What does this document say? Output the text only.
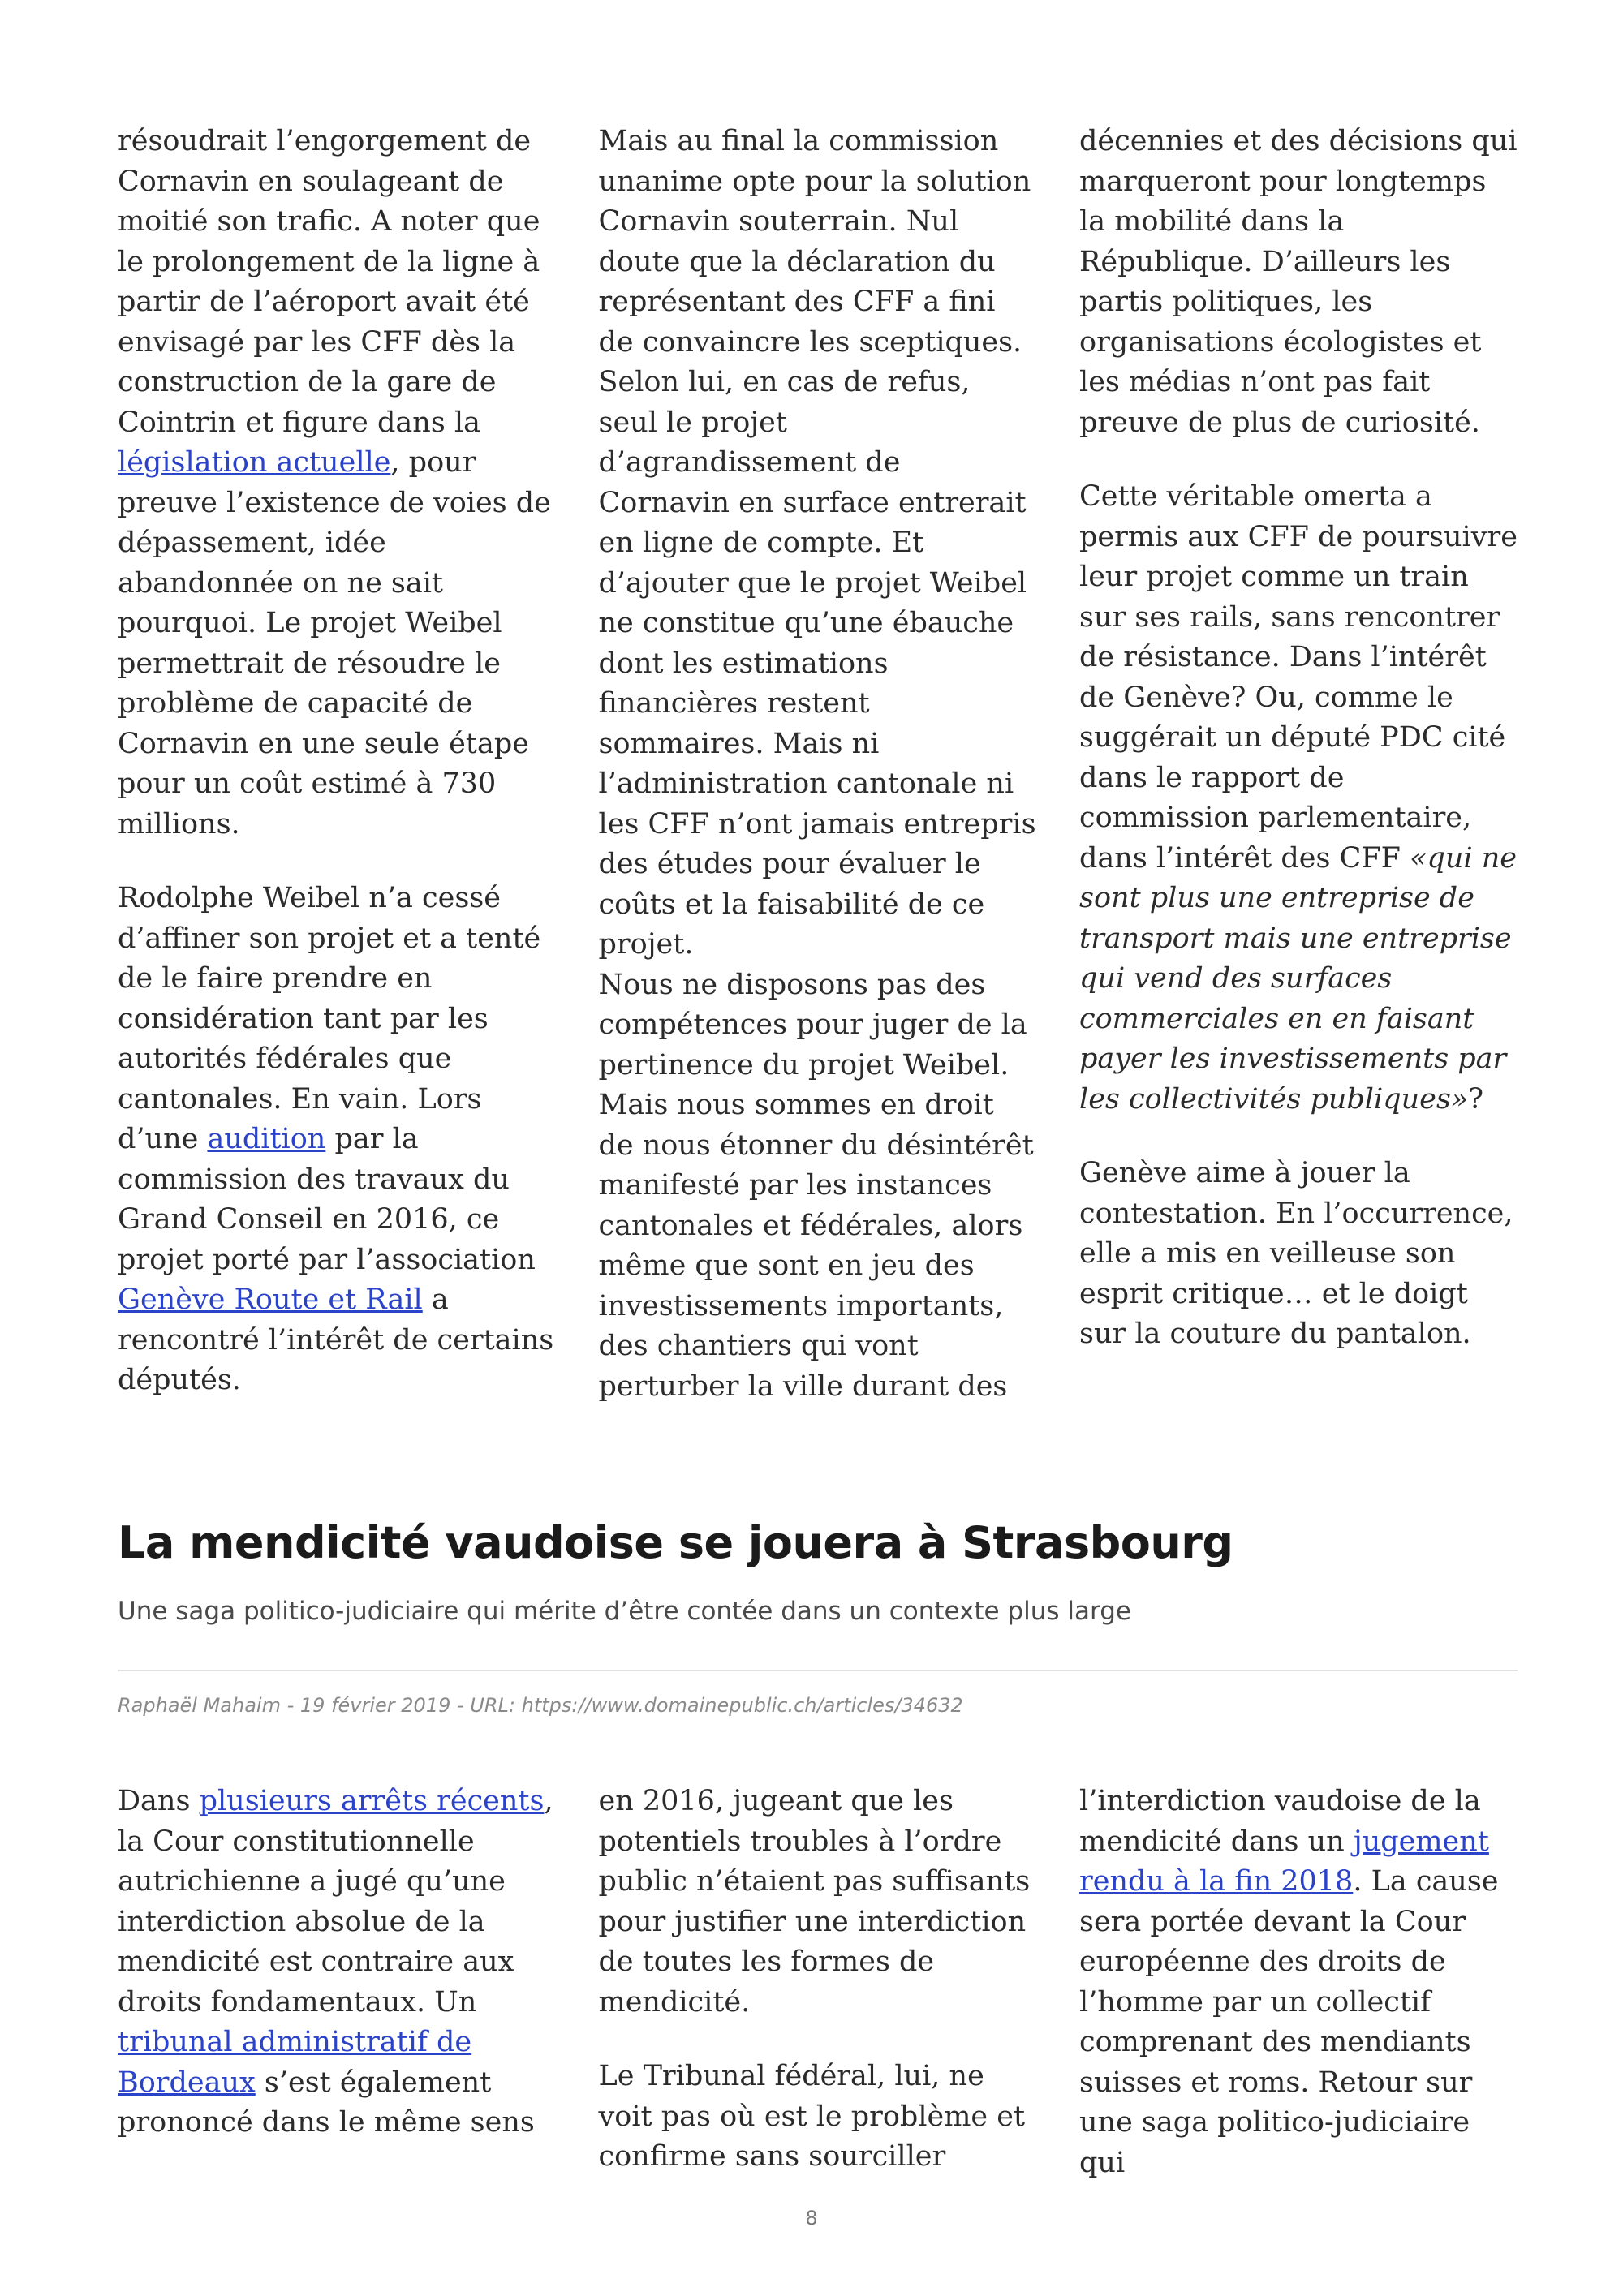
résoudrait l’engorgement de Cornavin en soulageant de moitié son trafic. A noter que le prolongement de la ligne à partir de l’aéroport avait été envisagé par les CFF dès la construction de la gare de Cointrin et figure dans la législation actuelle, pour preuve l’existence de voies de dépassement, idée abandonnée on ne sait pourquoi. Le projet Weibel permettrait de résoudre le problème de capacité de Cornavin en une seule étape pour un coût estimé à 730 millions.

Rodolphe Weibel n’a cessé d’affiner son projet et a tenté de le faire prendre en considération tant par les autorités fédérales que cantonales. En vain. Lors d’une audition par la commission des travaux du Grand Conseil en 2016, ce projet porté par l’association Genève Route et Rail a rencontré l’intérêt de certains députés.

Mais au final la commission unanime opte pour la solution Cornavin souterrain. Nul doute que la déclaration du représentant des CFF a fini de convaincre les sceptiques. Selon lui, en cas de refus, seul le projet d’agrandissement de Cornavin en surface entrerait en ligne de compte. Et d’ajouter que le projet Weibel ne constitue qu’une ébauche dont les estimations financières restent sommaires. Mais ni l’administration cantonale ni les CFF n’ont jamais entrepris des études pour évaluer le coûts et la faisabilité de ce projet.

Nous ne disposons pas des compétences pour juger de la pertinence du projet Weibel. Mais nous sommes en droit de nous étonner du désintérêt manifesté par les instances cantonales et fédérales, alors même que sont en jeu des investissements importants, des chantiers qui vont perturber la ville durant des

décennies et des décisions qui marqueront pour longtemps la mobilité dans la République. D’ailleurs les partis politiques, les organisations écologistes et les médias n’ont pas fait preuve de plus de curiosité.

Cette véritable omerta a permis aux CFF de poursuivre leur projet comme un train sur ses rails, sans rencontrer de résistance. Dans l’intérêt de Genève? Ou, comme le suggérait un député PDC cité dans le rapport de commission parlementaire, dans l’intérêt des CFF «qui ne sont plus une entreprise de transport mais une entreprise qui vend des surfaces commerciales en en faisant payer les investissements par les collectivités publiques»?

Genève aime à jouer la contestation. En l’occurrence, elle a mis en veilleuse son esprit critique… et le doigt sur la couture du pantalon.

La mendicité vaudoise se jouera à Strasbourg

Une saga politico-judiciaire qui mérite d’être contée dans un contexte plus large

Raphaël Mahaim - 19 février 2019 - URL: https://www.domainepublic.ch/articles/34632

Dans plusieurs arrêts récents, la Cour constitutionnelle autrichienne a jugé qu’une interdiction absolue de la mendicité est contraire aux droits fondamentaux. Un tribunal administratif de Bordeaux s’est également prononcé dans le même sens

en 2016, jugeant que les potentiels troubles à l’ordre public n’étaient pas suffisants pour justifier une interdiction de toutes les formes de mendicité.

Le Tribunal fédéral, lui, ne voit pas où est le problème et confirme sans sourciller

l’interdiction vaudoise de la mendicité dans un jugement rendu à la fin 2018. La cause sera portée devant la Cour européenne des droits de l’homme par un collectif comprenant des mendiants suisses et roms. Retour sur une saga politico-judiciaire qui

8
